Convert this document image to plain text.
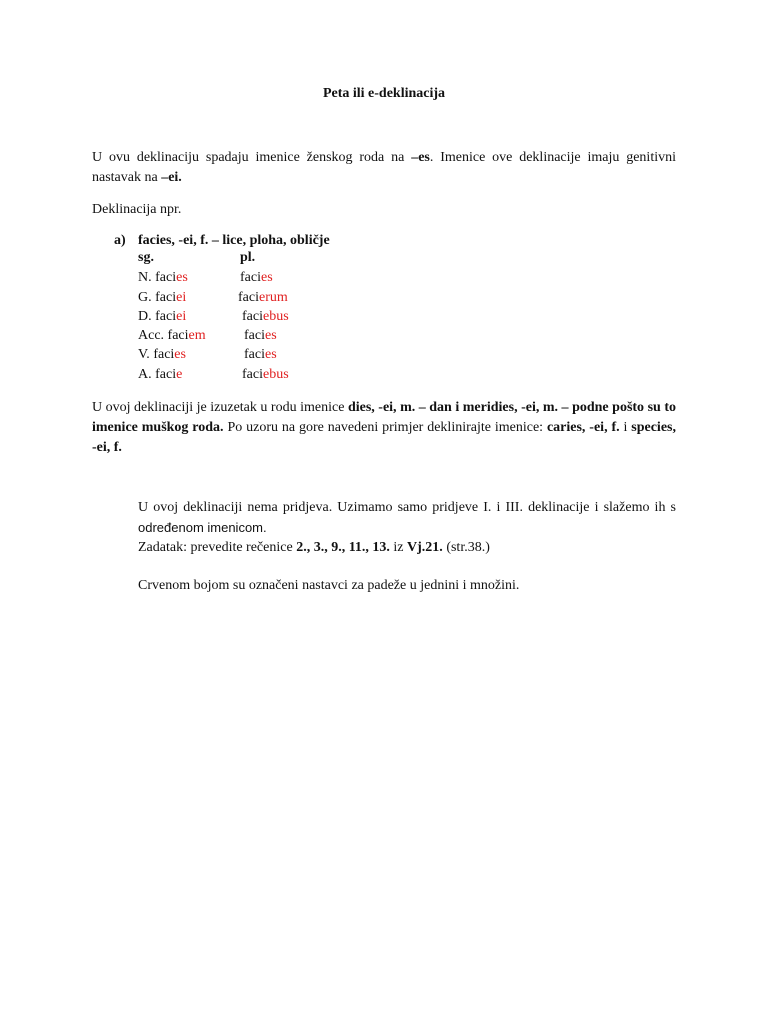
Peta ili e-deklinacija
U ovu deklinaciju spadaju imenice ženskog roda na –es. Imenice ove deklinacije imaju genitivni nastavak na –ei.
Deklinacija npr.
a) facies, -ei, f. – lice, ploha, obličje
sg.	pl.
N. facies	facies
G. faciei	facierum
D. faciei	faciebus
Acc. faciem	facies
V. facies	facies
A. facie	faciebus
U ovoj deklinaciji je izuzetak u rodu imenice dies, -ei, m. – dan i meridies, -ei, m. – podne pošto su to imenice muškog roda. Po uzoru na gore navedeni primjer deklinirajte imenice: caries, -ei, f. i species, -ei, f.
U ovoj deklinaciji nema pridjeva. Uzimamo samo pridjeve I. i III. deklinacije i slažemo ih s određenom imenicom.
Zadatak: prevedite rečenice 2., 3., 9., 11., 13. iz Vj.21. (str.38.)
Crvenom bojom su označeni nastavci za padeže u jednini i množini.
